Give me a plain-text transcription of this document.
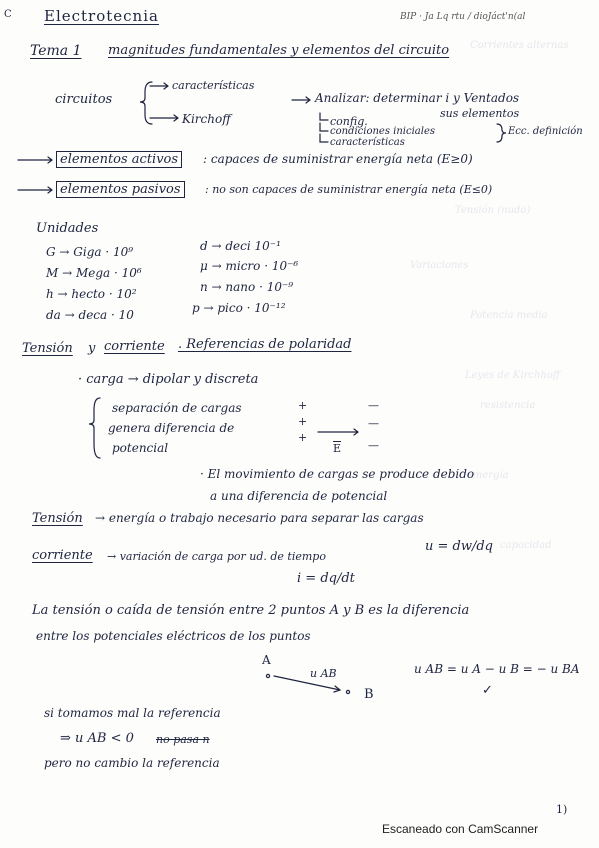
Corrientes alternas
Tensión (nudo)
Variaciones
Potencia media
Leyes de Kirchhoff
resistencia
energía
capacidad
C Electrotecnia	BIP · Ja Lq rtu / dioJáct'n(al
Tema 1 magnitudes fundamentales y elementos del circuito
circuitos
características
Kirchoff
Analizar: determinar i y Ventados
sus elementos
config.
condiciones iniciales
características
Ecc. definición
elementos activos	: capaces de suministrar energía neta (E≥0)
elementos pasivos	: no son capaces de suministrar energía neta (E≤0)
Unidades
G → Giga · 10⁹
M → Mega · 10⁶
h → hecto · 10²
da → deca · 10
d → deci 10⁻¹
μ → micro · 10⁻⁶
n → nano · 10⁻⁹
p → pico · 10⁻¹²
Tensión y corriente . Referencias de polaridad
· carga → dipolar y discreta
separación de cargas
genera diferencia de
potencial
+
+
+
—
—
—
$\overline{E}$
· El movimiento de cargas se produce debido
a una diferencia de potencial
Tensión → energía o trabajo necesario para separar las cargas
corriente → variación de carga por ud. de tiempo
u = dw/dq
i = dq/dt
La tensión o caída de tensión entre 2 puntos A y B es la diferencia
entre los potenciales eléctricos de los puntos
A
B
u AB	u AB = u A − u B = − u BA
✓
si tomamos mal la referencia
⇒ u AB < 0 no pasa n
pero no cambio la referencia
1)
Escaneado con CamScanner
